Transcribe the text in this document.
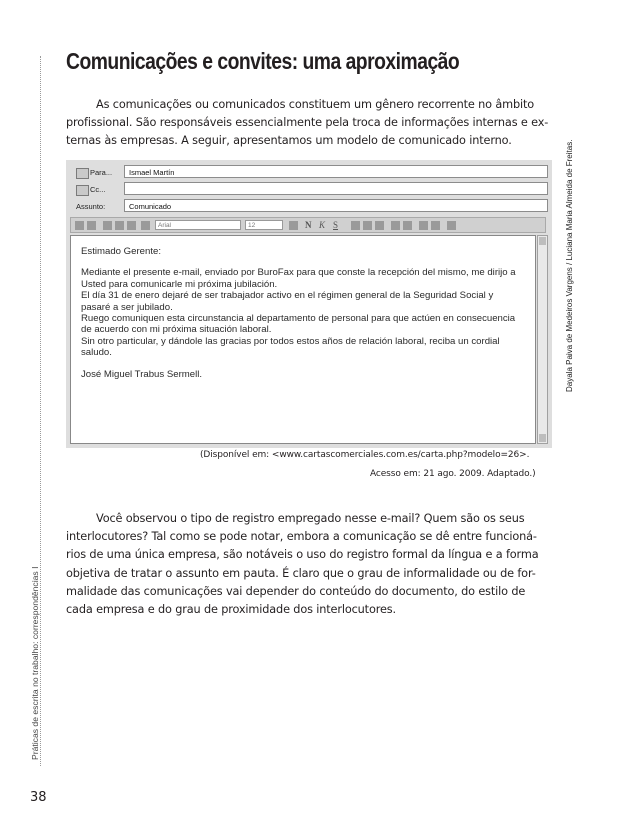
Práticas de escrita no trabalho: correspondências I
Dayala Paiva de Medeiros Vargens / Luciana Maria Almeida de Freitas.
Comunicações e convites: uma aproximação
As comunicações ou comunicados constituem um gênero recorrente no âmbito
profissional. São responsáveis essencialmente pela troca de informações internas e ex-
ternas às empresas. A seguir, apresentamos um modelo de comunicado interno.
Para...	Ismael Martín
Cc...
Assunto:	Comunicado
Arial	12	N K S

Estimado Gerente:

Mediante el presente e-mail, enviado por BuroFax para que conste la recepción del mismo, me dirijo a Usted para comunicarle mi próxima jubilación.

El día 31 de enero dejaré de ser trabajador activo en el régimen general de la Seguridad Social y pasaré a ser jubilado.

Ruego comuniquen esta circunstancia al departamento de personal para que actúen en consecuencia de acuerdo con mi próxima situación laboral.

Sin otro particular, y dándole las gracias por todos estos años de relación laboral, reciba un cordial saludo.

José Miguel Trabus Sermell.

(Disponível em: <www.cartascomerciales.com.es/carta.php?modelo=26>.
Acesso em: 21 ago. 2009. Adaptado.)
Você observou o tipo de registro empregado nesse e-mail? Quem são os seus
interlocutores? Tal como se pode notar, embora a comunicação se dê entre funcioná-
rios de uma única empresa, são notáveis o uso do registro formal da língua e a forma
objetiva de tratar o assunto em pauta. É claro que o grau de informalidade ou de for-
malidade das comunicações vai depender do conteúdo do documento, do estilo de
cada empresa e do grau de proximidade dos interlocutores.
38
